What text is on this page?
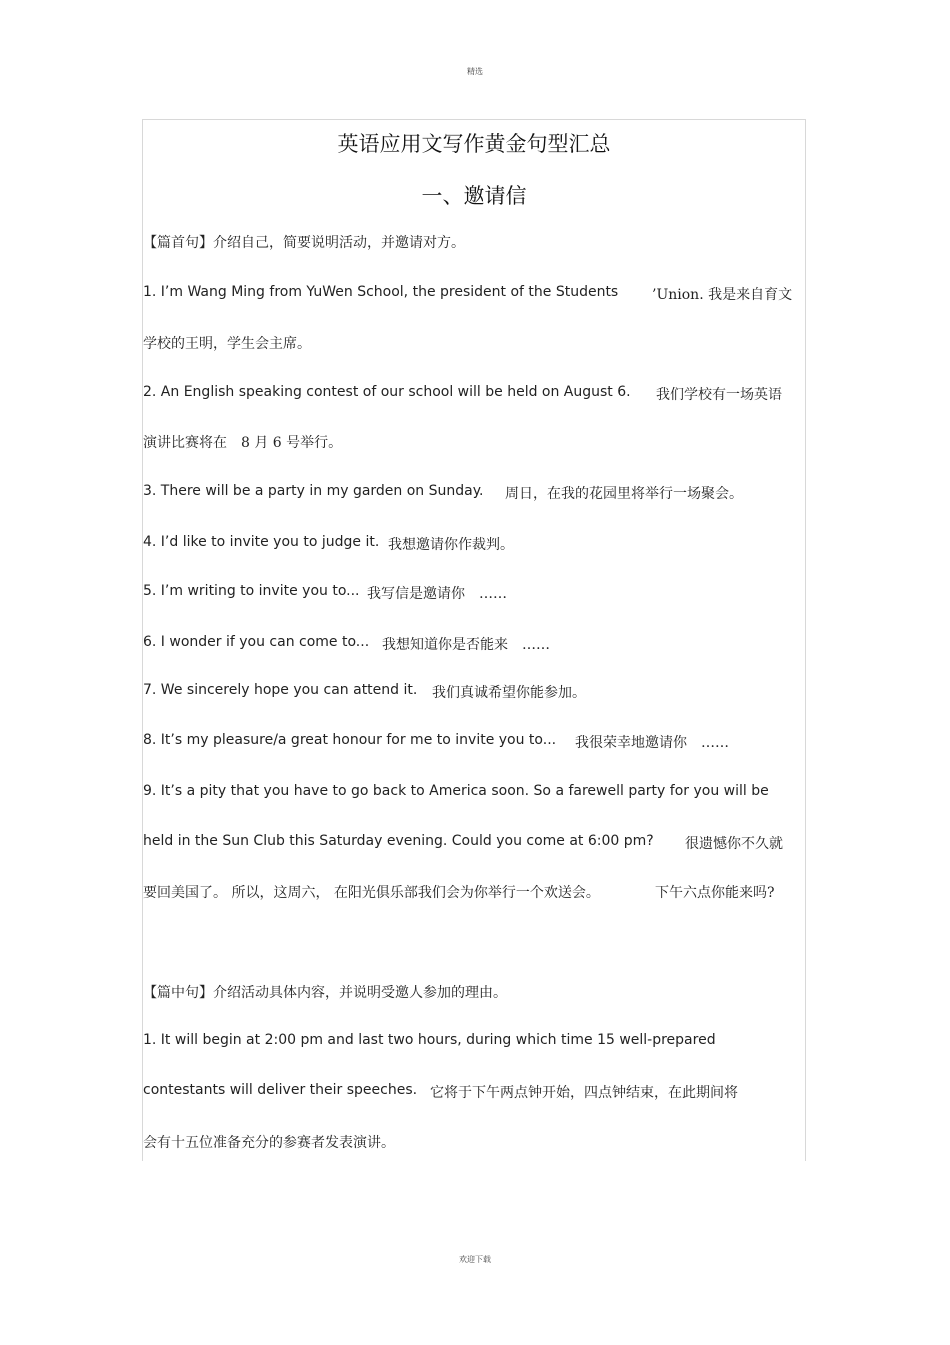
精选
英语应用文写作黄金句型汇总
一、邀请信
【篇首句】介绍自己，简要说明活动，并邀请对方。
1. I’m Wang Ming from YuWen School, the president of the Students ’Union. 我是来自育文
学校的王明，学生会主席。
2. An English speaking contest of our school will be held on August 6. 我们学校有一场英语
演讲比赛将在　8 月 6 号举行。
3. There will be a party in my garden on Sunday. 周日，在我的花园里将举行一场聚会。
4. I’d like to invite you to judge it. 我想邀请你作裁判。
5. I’m writing to invite you to... 我写信是邀请你　……
6. I wonder if you can come to... 我想知道你是否能来　……
7. We sincerely hope you can attend it. 我们真诚希望你能参加。
8. It’s my pleasure/a great honour for me to invite you to... 我很荣幸地邀请你　……
9. It’s a pity that you have to go back to America soon. So a farewell party for you will be
held in the Sun Club this Saturday evening. Could you come at 6:00 pm? 很遗憾你不久就
要回美国了。 所以，这周六， 在阳光俱乐部我们会为你举行一个欢送会。	下午六点你能来吗?
【篇中句】介绍活动具体内容，并说明受邀人参加的理由。
1. It will begin at 2:00 pm and last two hours, during which time 15 well-prepared
contestants will deliver their speeches. 它将于下午两点钟开始，四点钟结束，在此期间将
会有十五位准备充分的参赛者发表演讲。
欢迎下载
